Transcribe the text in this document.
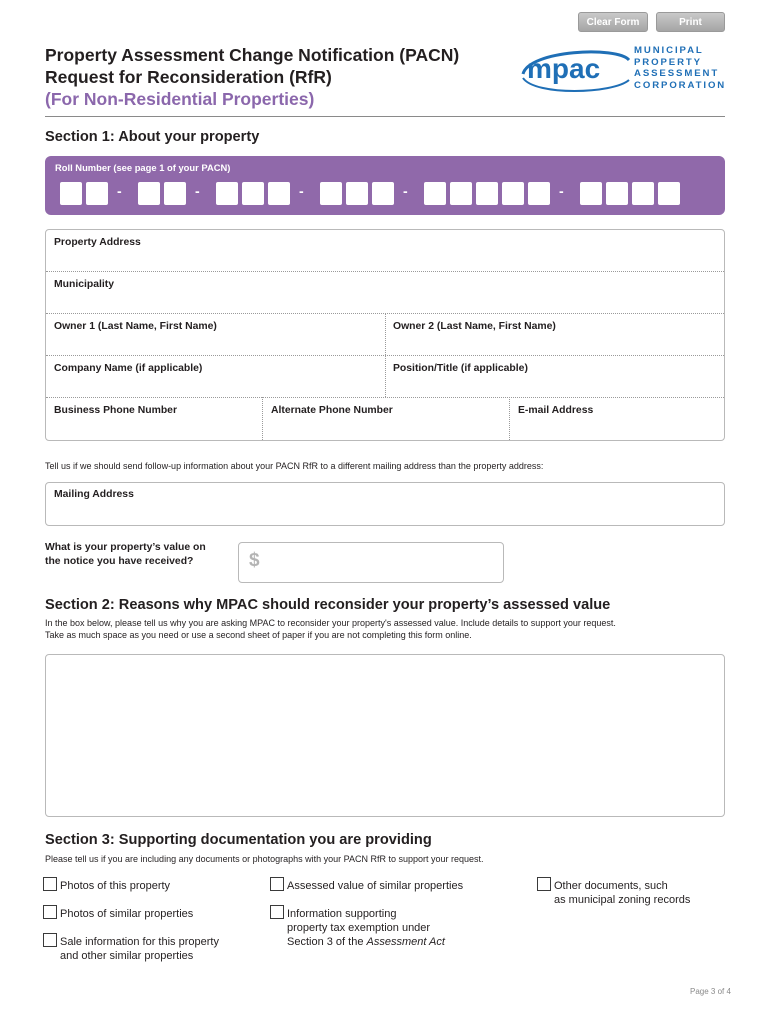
Clear Form	Print
Property Assessment Change Notification (PACN)
Request for Reconsideration (RfR)
(For Non-Residential Properties)
mpac
MUNICIPAL
PROPERTY
ASSESSMENT
CORPORATION
Section 1: About your property
Roll Number (see page 1 of your PACN)
-	-	-	-	-
Property Address
Municipality
Owner 1 (Last Name, First Name)	Owner 2 (Last Name, First Name)
Company Name (if applicable)	Position/Title (if applicable)
Business Phone Number	Alternate Phone Number	E-mail Address
Tell us if we should send follow-up information about your PACN RfR to a different mailing address than the property address:
Mailing Address
What is your property’s value on
the notice you have received?	$
Section 2: Reasons why MPAC should reconsider your property’s assessed value
In the box below, please tell us why you are asking MPAC to reconsider your property's assessed value. Include details to support your request.
Take as much space as you need or use a second sheet of paper if you are not completing this form online.
Section 3: Supporting documentation you are providing
Please tell us if you are including any documents or photographs with your PACN RfR to support your request.
Photos of this property
Photos of similar properties
Sale information for this property
and other similar properties
Assessed value of similar properties
Information supporting
property tax exemption under
Section 3 of the Assessment Act
Other documents, such
as municipal zoning records
Page 3 of 4
